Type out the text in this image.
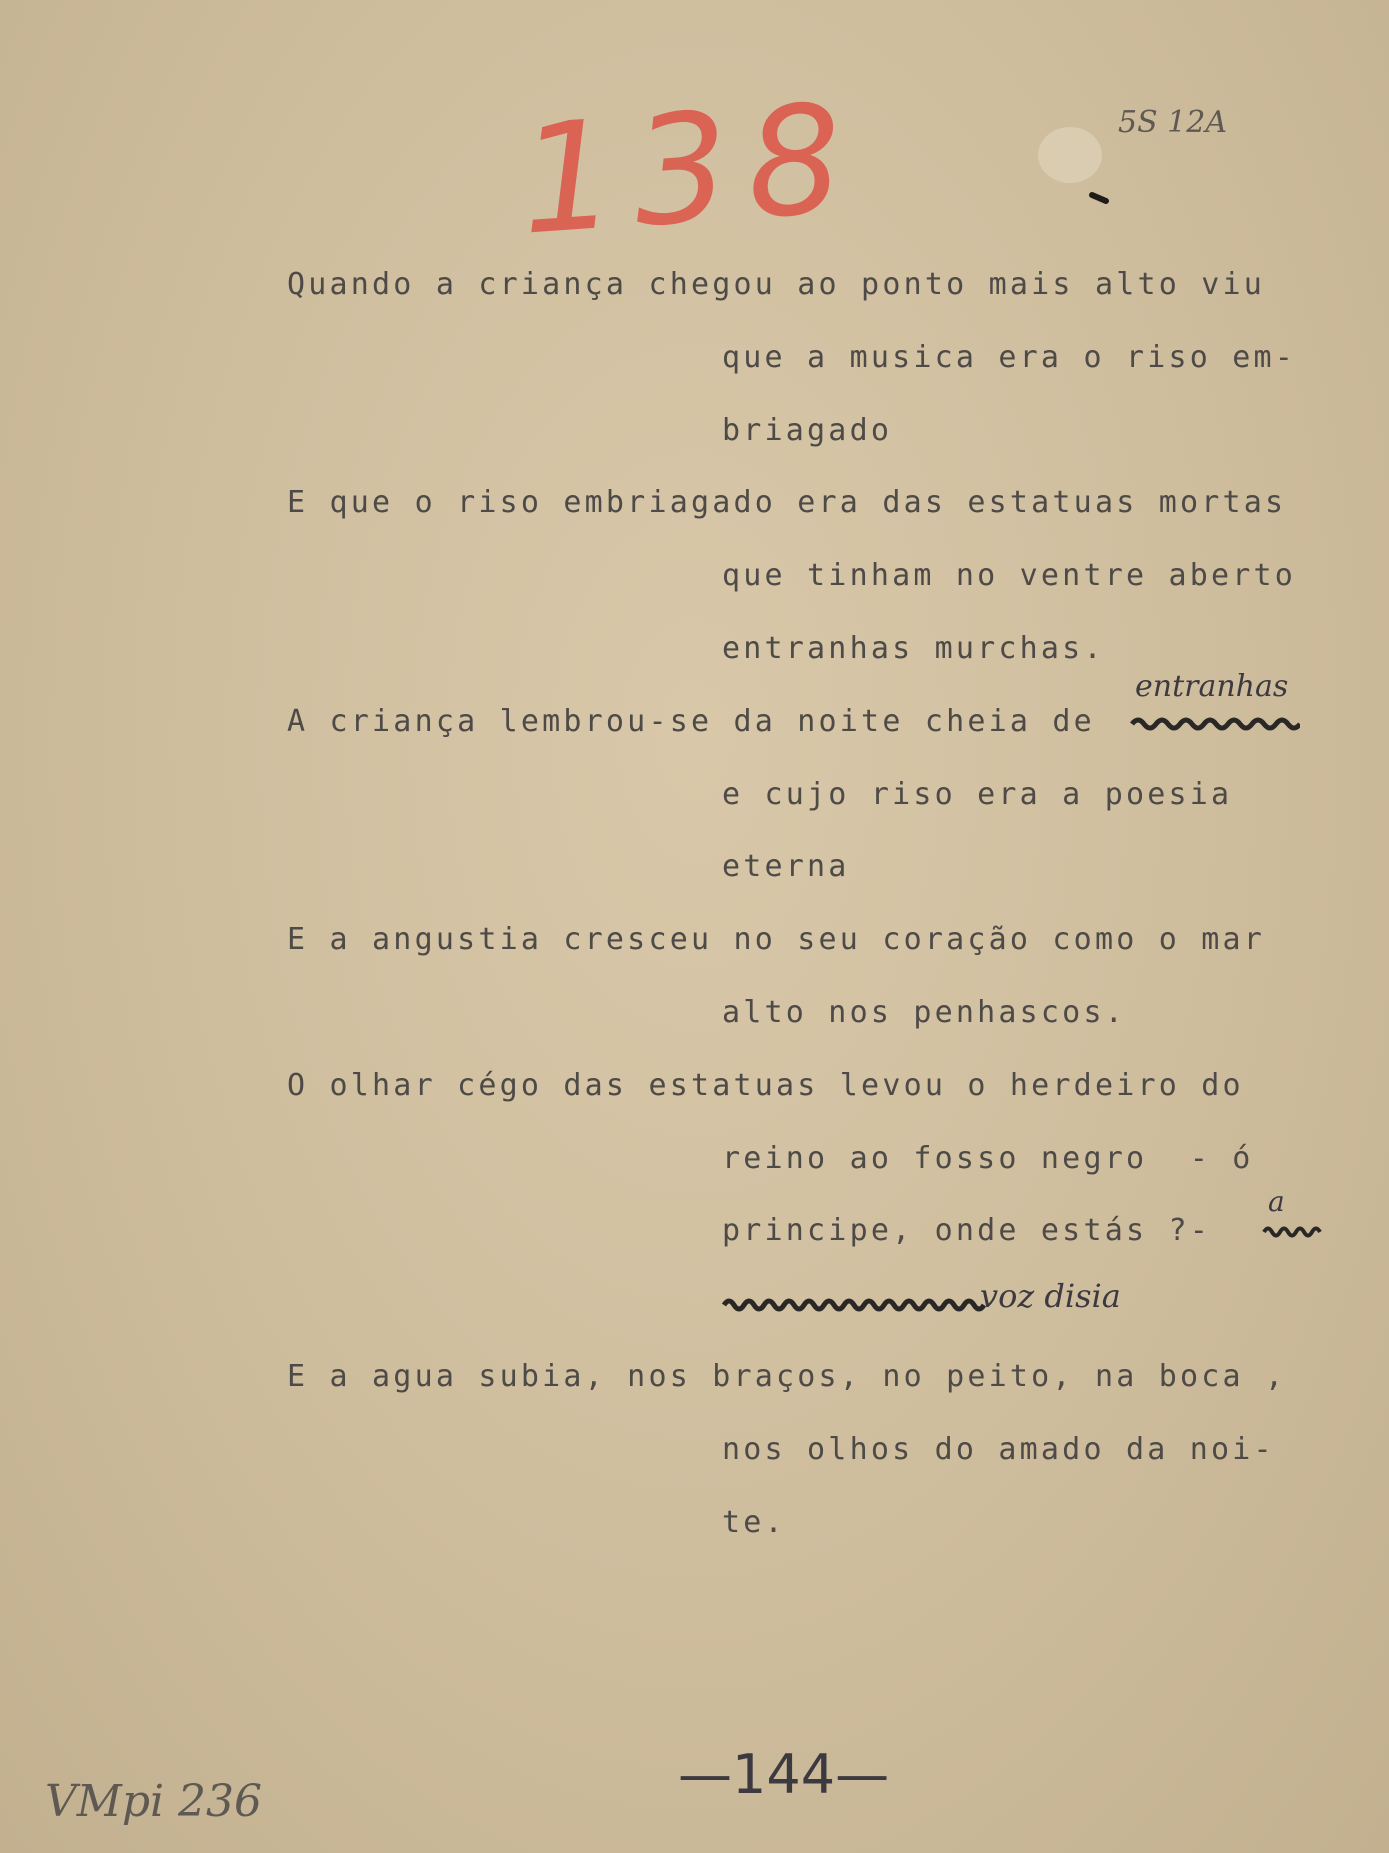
138	5S 12A
Quando a criança chegou ao ponto mais alto viu
que a musica era o riso em-
briagado
E que o riso embriagado era das estatuas mortas
que tinham no ventre aberto
entranhas murchas.
A criança lembrou-se da noite cheia de
entranhas
e cujo riso era a poesia
eterna
E a angustia cresceu no seu coração como o mar
alto nos penhascos.
O olhar cégo das estatuas levou o herdeiro do
reino ao fosso negro  - ó
principe, onde estás ?-
a
voz disia
E a agua subia, nos braços, no peito, na boca ,
nos olhos do amado da noi-
te.
—144—
VMpi 236
